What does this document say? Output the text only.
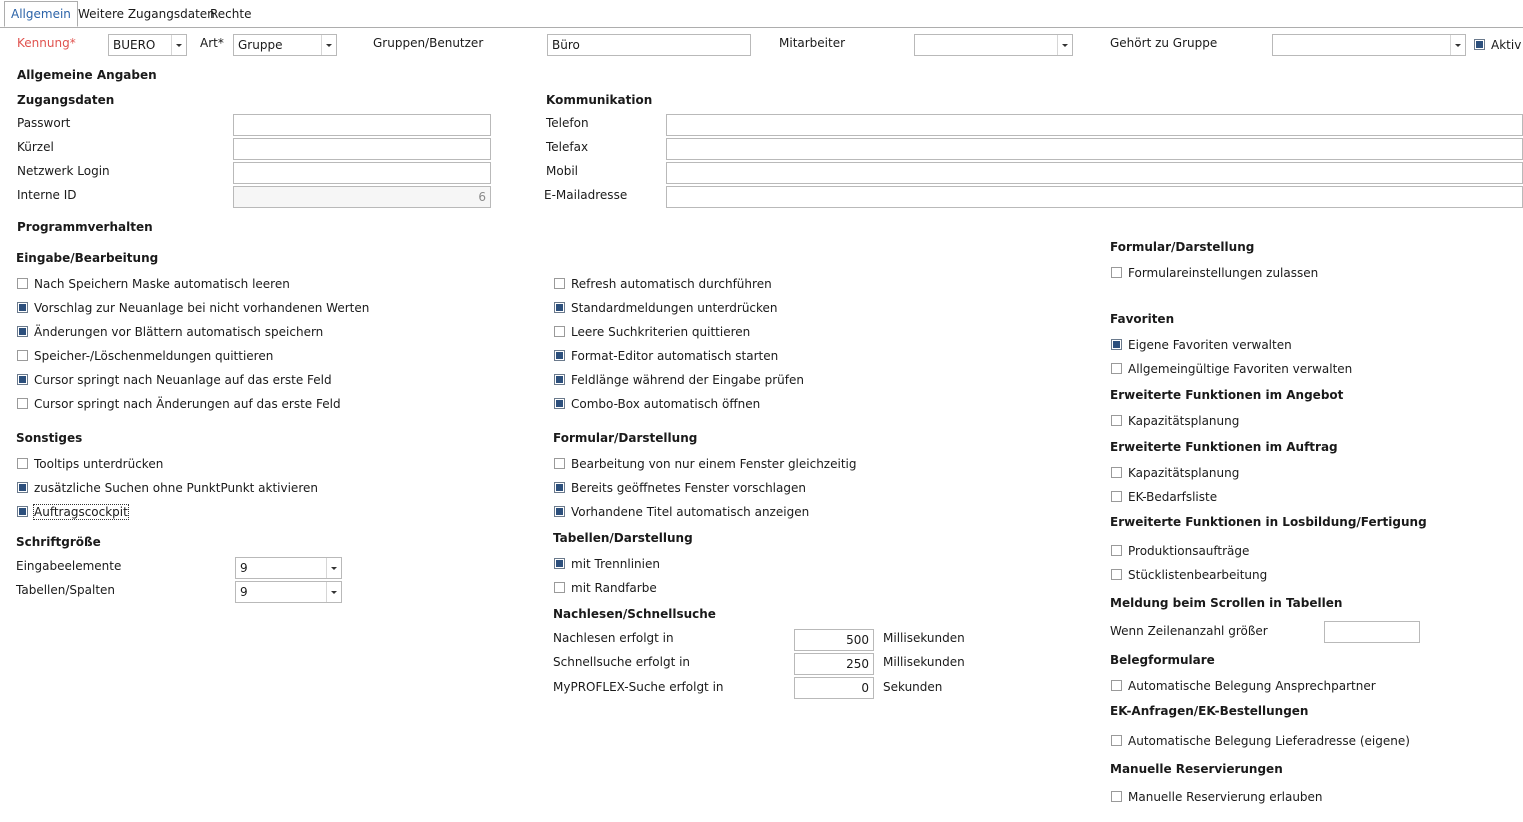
Allgemein Weitere Zugangsdaten
Rechte
Kennung*	BUERO	Art* Gruppe	Gruppen/Benutzer	Büro	Mitarbeiter	Gehört zu Gruppe	Aktiv
Allgemeine Angaben
Zugangsdaten
Passwort
Kürzel
Netzwerk Login
Interne ID	6
Kommunikation
Telefon
Telefax
Mobil
E-Mailadresse
Programmverhalten
Eingabe/Bearbeitung
Nach Speichern Maske automatisch leeren
Vorschlag zur Neuanlage bei nicht vorhandenen Werten
Änderungen vor Blättern automatisch speichern
Speicher-/Löschenmeldungen quittieren
Cursor springt nach Neuanlage auf das erste Feld
Cursor springt nach Änderungen auf das erste Feld
Refresh automatisch durchführen
Standardmeldungen unterdrücken
Leere Suchkriterien quittieren
Format-Editor automatisch starten
Feldlänge während der Eingabe prüfen
Combo-Box automatisch öffnen
Sonstiges
Tooltips unterdrücken
zusätzliche Suchen ohne PunktPunkt aktivieren
Auftragscockpit
Schriftgröße
Eingabeelemente	9
Tabellen/Spalten	9
Formular/Darstellung
Bearbeitung von nur einem Fenster gleichzeitig
Bereits geöffnetes Fenster vorschlagen
Vorhandene Titel automatisch anzeigen
Tabellen/Darstellung
mit Trennlinien
mit Randfarbe
Nachlesen/Schnellsuche
Nachlesen erfolgt in	500	Millisekunden
Schnellsuche erfolgt in	250	Millisekunden
MyPROFLEX-Suche erfolgt in	0	Sekunden
Formular/Darstellung
Formulareinstellungen zulassen
Favoriten
Eigene Favoriten verwalten
Allgemeingültige Favoriten verwalten
Erweiterte Funktionen im Angebot
Kapazitätsplanung
Erweiterte Funktionen im Auftrag
Kapazitätsplanung
EK-Bedarfsliste
Erweiterte Funktionen in Losbildung/Fertigung
Produktionsaufträge
Stücklistenbearbeitung
Meldung beim Scrollen in Tabellen
Wenn Zeilenanzahl größer
Belegformulare
Automatische Belegung Ansprechpartner
EK-Anfragen/EK-Bestellungen
Automatische Belegung Lieferadresse (eigene)
Manuelle Reservierungen
Manuelle Reservierung erlauben
